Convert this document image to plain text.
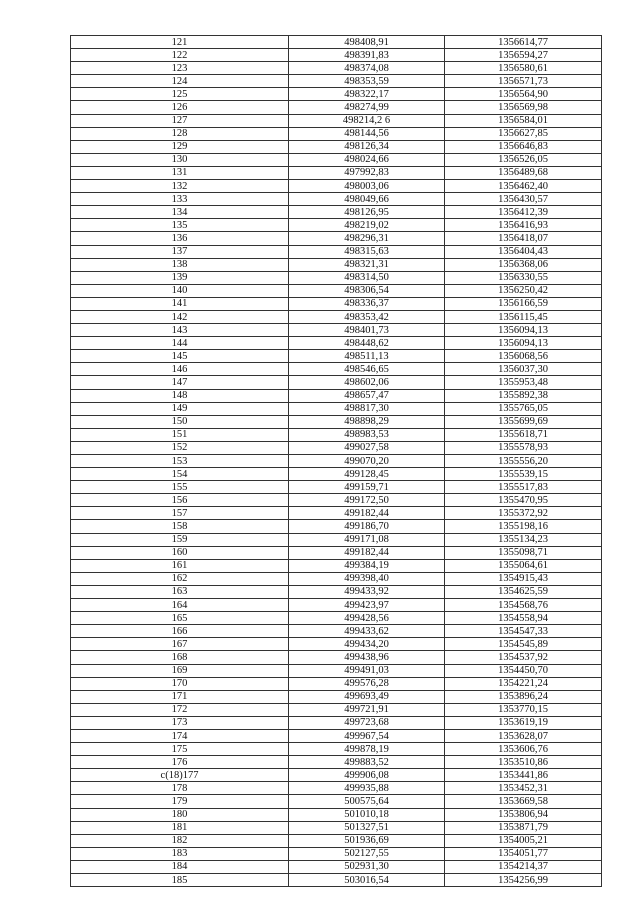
121	498408,91	1356614,77
122	498391,83	1356594,27
123	498374,08	1356580,61
124	498353,59	1356571,73
125	498322,17	1356564,90
126	498274,99	1356569,98
127	498214,2 6	1356584,01
128	498144,56	1356627,85
129	498126,34	1356646,83
130	498024,66	1356526,05
131	497992,83	1356489,68
132	498003,06	1356462,40
133	498049,66	1356430,57
134	498126,95	1356412,39
135	498219,02	1356416,93
136	498296,31	1356418,07
137	498315,63	1356404,43
138	498321,31	1356368,06
139	498314,50	1356330,55
140	498306,54	1356250,42
141	498336,37	1356166,59
142	498353,42	1356115,45
143	498401,73	1356094,13
144	498448,62	1356094,13
145	498511,13	1356068,56
146	498546,65	1356037,30
147	498602,06	1355953,48
148	498657,47	1355892,38
149	498817,30	1355765,05
150	498898,29	1355699,69
151	498983,53	1355618,71
152	499027,58	1355578,93
153	499070,20	1355556,20
154	499128,45	1355539,15
155	499159,71	1355517,83
156	499172,50	1355470,95
157	499182,44	1355372,92
158	499186,70	1355198,16
159	499171,08	1355134,23
160	499182,44	1355098,71
161	499384,19	1355064,61
162	499398,40	1354915,43
163	499433,92	1354625,59
164	499423,97	1354568,76
165	499428,56	1354558,94
166	499433,62	1354547,33
167	499434,20	1354545,89
168	499438,96	1354537,92
169	499491,03	1354450,70
170	499576,28	1354221,24
171	499693,49	1353896,24
172	499721,91	1353770,15
173	499723,68	1353619,19
174	499967,54	1353628,07
175	499878,19	1353606,76
176	499883,52	1353510,86
c(18)177	499906,08	1353441,86
178	499935,88	1353452,31
179	500575,64	1353669,58
180	501010,18	1353806,94
181	501327,51	1353871,79
182	501936,69	1354005,21
183	502127,55	1354051,77
184	502931,30	1354214,37
185	503016,54	1354256,99
